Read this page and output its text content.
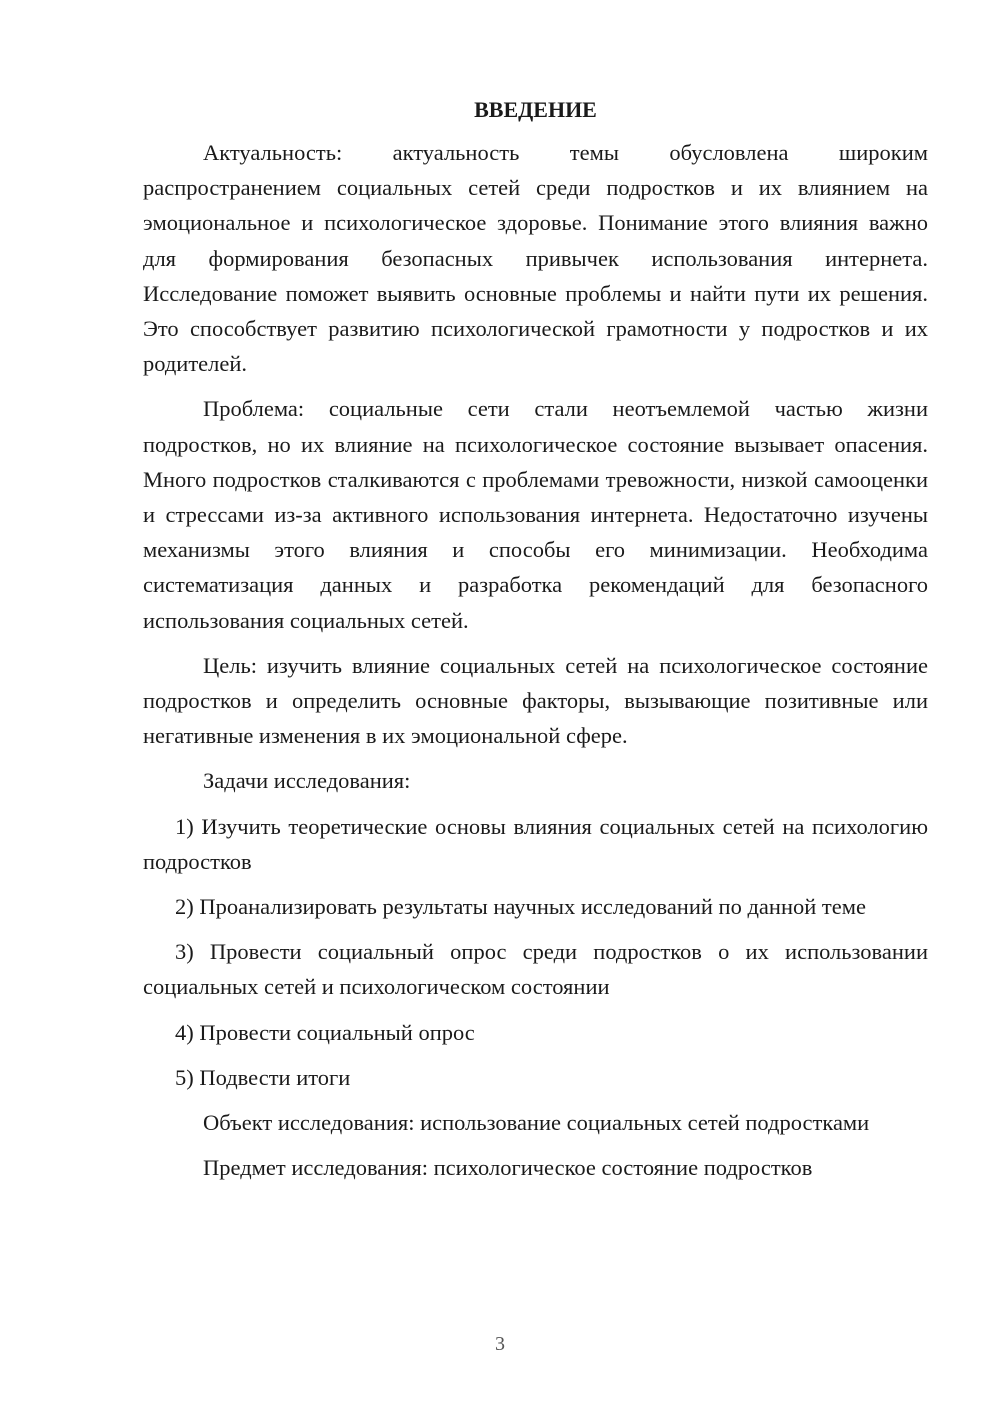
ВВЕДЕНИЕ

Актуальность: актуальность темы обусловлена широким распространением социальных сетей среди подростков и их влиянием на эмоциональное и психологическое здоровье. Понимание этого влияния важно для формирования безопасных привычек использования интернета. Исследование поможет выявить основные проблемы и найти пути их решения. Это способствует развитию психологической грамотности у подростков и их родителей.

Проблема: социальные сети стали неотъемлемой частью жизни подростков, но их влияние на психологическое состояние вызывает опасения. Много подростков сталкиваются с проблемами тревожности, низкой самооценки и стрессами из-за активного использования интернета. Недостаточно изучены механизмы этого влияния и способы его минимизации. Необходима систематизация данных и разработка рекомендаций для безопасного использования социальных сетей.

Цель: изучить влияние социальных сетей на психологическое состояние подростков и определить основные факторы, вызывающие позитивные или негативные изменения в их эмоциональной сфере.

Задачи исследования:

1) Изучить теоретические основы влияния социальных сетей на психологию подростков

2) Проанализировать результаты научных исследований по данной теме

3) Провести социальный опрос среди подростков о их использовании социальных сетей и психологическом состоянии

4) Провести социальный опрос

5) Подвести итоги

Объект исследования: использование социальных сетей подростками

Предмет исследования: психологическое состояние подростков

3
